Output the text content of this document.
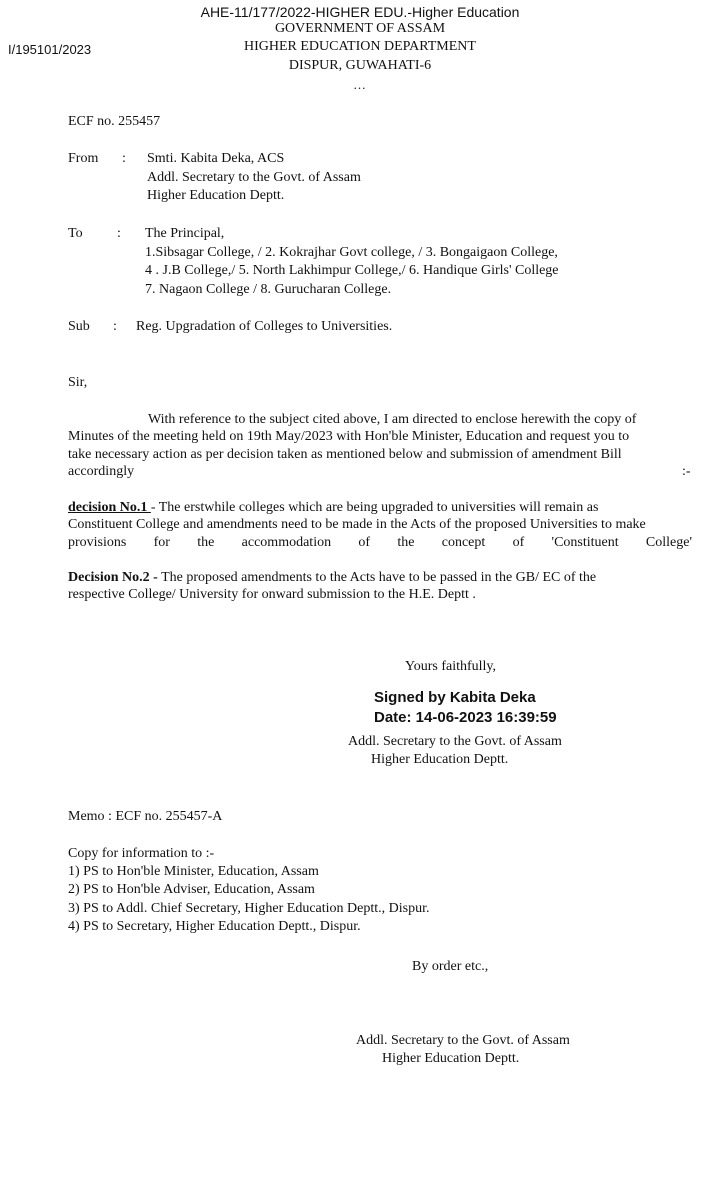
AHE-11/177/2022-HIGHER EDU.-Higher Education
I/195101/2023
GOVERNMENT OF ASSAM
HIGHER EDUCATION DEPARTMENT
DISPUR, GUWAHATI-6
...
ECF no. 255457
From : Smti. Kabita Deka, ACS
Addl. Secretary to the Govt. of Assam
Higher Education Deptt.
To : The Principal,
1.Sibsagar College, / 2. Kokrajhar Govt college, / 3. Bongaigaon College,
4 . J.B College,/ 5. North Lakhimpur College,/ 6. Handique Girls' College
7. Nagaon College / 8. Gurucharan College.
Sub : Reg. Upgradation of Colleges to Universities.
Sir,
With reference to the subject cited above, I am directed to enclose herewith the copy of
Minutes of the meeting held on 19th May/2023 with Hon'ble Minister, Education and request you to
take necessary action as per decision taken as mentioned below and submission of amendment Bill
accordingly	:-
decision No.1 - The erstwhile colleges which are being upgraded to universities will remain as
Constituent College and amendments need to be made in the Acts of the proposed Universities to make
provisions for the accommodation of the concept of 'Constituent College'
Decision No.2 - The proposed amendments to the Acts have to be passed in the GB/ EC of the
respective College/ University for onward submission to the H.E. Deptt .
Yours faithfully,
Signed by Kabita Deka
Date: 14-06-2023 16:39:59
Addl. Secretary to the Govt. of Assam
Higher Education Deptt.
Memo : ECF no. 255457-A
Copy for information to :-
1) PS to Hon'ble Minister, Education, Assam
2) PS to Hon'ble Adviser, Education, Assam
3) PS to Addl. Chief Secretary, Higher Education Deptt., Dispur.
4) PS to Secretary, Higher Education Deptt., Dispur.
By order etc.,
Addl. Secretary to the Govt. of Assam
Higher Education Deptt.
